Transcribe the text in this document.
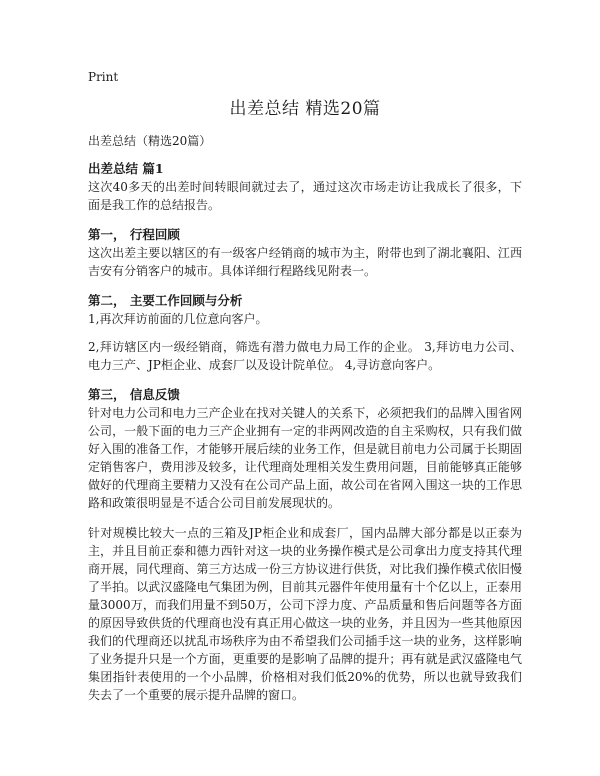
Print
出差总结 精选20篇

出差总结（精选20篇）

出差总结 篇1

这次40多天的出差时间转眼间就过去了，通过这次市场走访让我成长了很多，下面是我工作的总结报告。

第一， 行程回顾

这次出差主要以辖区的有一级客户经销商的城市为主，附带也到了湖北襄阳、江西吉安有分销客户的城市。具体详细行程路线见附表一。

第二， 主要工作回顾与分析

1,再次拜访前面的几位意向客户。

2,拜访辖区内一级经销商，筛选有潜力做电力局工作的企业。 3,拜访电力公司、电力三产、JP柜企业、成套厂以及设计院单位。 4,寻访意向客户。

第三， 信息反馈

针对电力公司和电力三产企业在找对关键人的关系下，必须把我们的品牌入围省网公司，一般下面的电力三产企业拥有一定的非两网改造的自主采购权，只有我们做好入围的准备工作，才能够开展后续的业务工作，但是就目前电力公司属于长期固定销售客户，费用涉及较多，让代理商处理相关发生费用问题，目前能够真正能够做好的代理商主要精力又没有在公司产品上面，故公司在省网入围这一块的工作思路和政策很明显是不适合公司目前发展现状的。

针对规模比较大一点的三箱及JP柜企业和成套厂，国内品牌大部分都是以正泰为主，并且目前正泰和德力西针对这一块的业务操作模式是公司拿出力度支持其代理商开展，同代理商、第三方达成一份三方协议进行供货，对比我们操作模式依旧慢了半拍。以武汉盛隆电气集团为例，目前其元器件年使用量有十个亿以上，正泰用量3000万，而我们用量不到50万，公司下浮力度、产品质量和售后问题等各方面的原因导致供货的代理商也没有真正用心做这一块的业务，并且因为一些其他原因我们的代理商还以扰乱市场秩序为由不希望我们公司插手这一块的业务，这样影响了业务提升只是一个方面，更重要的是影响了品牌的提升；再有就是武汉盛隆电气集团指针表使用的一个小品牌，价格相对我们低20%的优势，所以也就导致我们失去了一个重要的展示提升品牌的窗口。
